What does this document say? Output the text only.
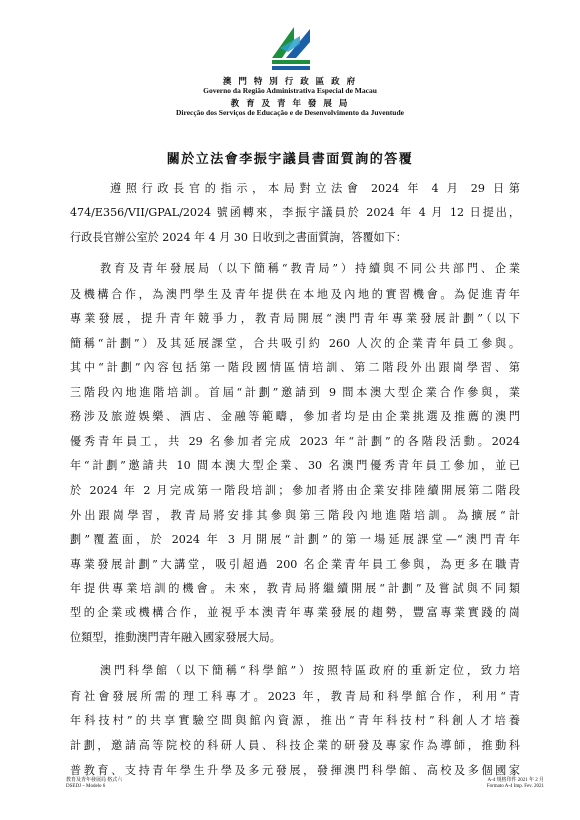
澳 門 特 別 行 政 區 政 府
Governo da Região Administrativa Especial de Macau
教 育 及 青 年 發 展 局
Direcção dos Serviços de Educação e de Desenvolvimento da Juventude
關於立法會李振宇議員書面質詢的答覆
遵照行政長官的指示，本局對立法會 2024 年 4 月 29 日第
474/E356/VII/GPAL/2024 號函轉來，李振宇議員於 2024 年 4 月 12 日提出，
行政長官辦公室於 2024 年 4 月 30 日收到之書面質詢，答覆如下：
教育及青年發展局（以下簡稱“教青局”）持續與不同公共部門、企業
及機構合作，為澳門學生及青年提供在本地及內地的實習機會。為促進青年
專業發展，提升青年競爭力，教青局開展“澳門青年專業發展計劃”（以下
簡稱“計劃”）及其延展課堂，合共吸引約 260 人次的企業青年員工參與。
其中“計劃”內容包括第一階段國情區情培訓、第二階段外出跟崗學習、第
三階段內地進階培訓。首屆“計劃”邀請到 9 間本澳大型企業合作參與，業
務涉及旅遊娛樂、酒店、金融等範疇，參加者均是由企業挑選及推薦的澳門
優秀青年員工，共 29 名參加者完成 2023 年“計劃”的各階段活動。2024
年“計劃”邀請共 10 間本澳大型企業、30 名澳門優秀青年員工參加，並已
於 2024 年 2 月完成第一階段培訓；參加者將由企業安排陸續開展第二階段
外出跟崗學習，教青局將安排其參與第三階段內地進階培訓。為擴展“計
劃”覆蓋面，於 2024 年 3 月開展“計劃”的第一場延展課堂—“澳門青年
專業發展計劃”大講堂，吸引超過 200 名企業青年員工參與，為更多在職青
年提供專業培訓的機會。未來，教青局將繼續開展“計劃”及嘗試與不同類
型的企業或機構合作，並視乎本澳青年專業發展的趨勢，豐富專業實踐的崗
位類型，推動澳門青年融入國家發展大局。
澳門科學館（以下簡稱“科學館”）按照特區政府的重新定位，致力培
育社會發展所需的理工科專才。2023 年，教青局和科學館合作，利用“青
年科技村”的共享實驗空間與館內資源，推出“青年科技村”科創人才培養
計劃，邀請高等院校的科研人員、科技企業的研發及專家作為導師，推動科
普教育、支持青年學生升學及多元發展，發揮澳門科學館、高校及多個國家
教育及青年發展局 格式六
DSEDJ – Modelo 6
A-4 規格印件 2021 年 2 月
Formato A-4 Imp. Fev. 2021
